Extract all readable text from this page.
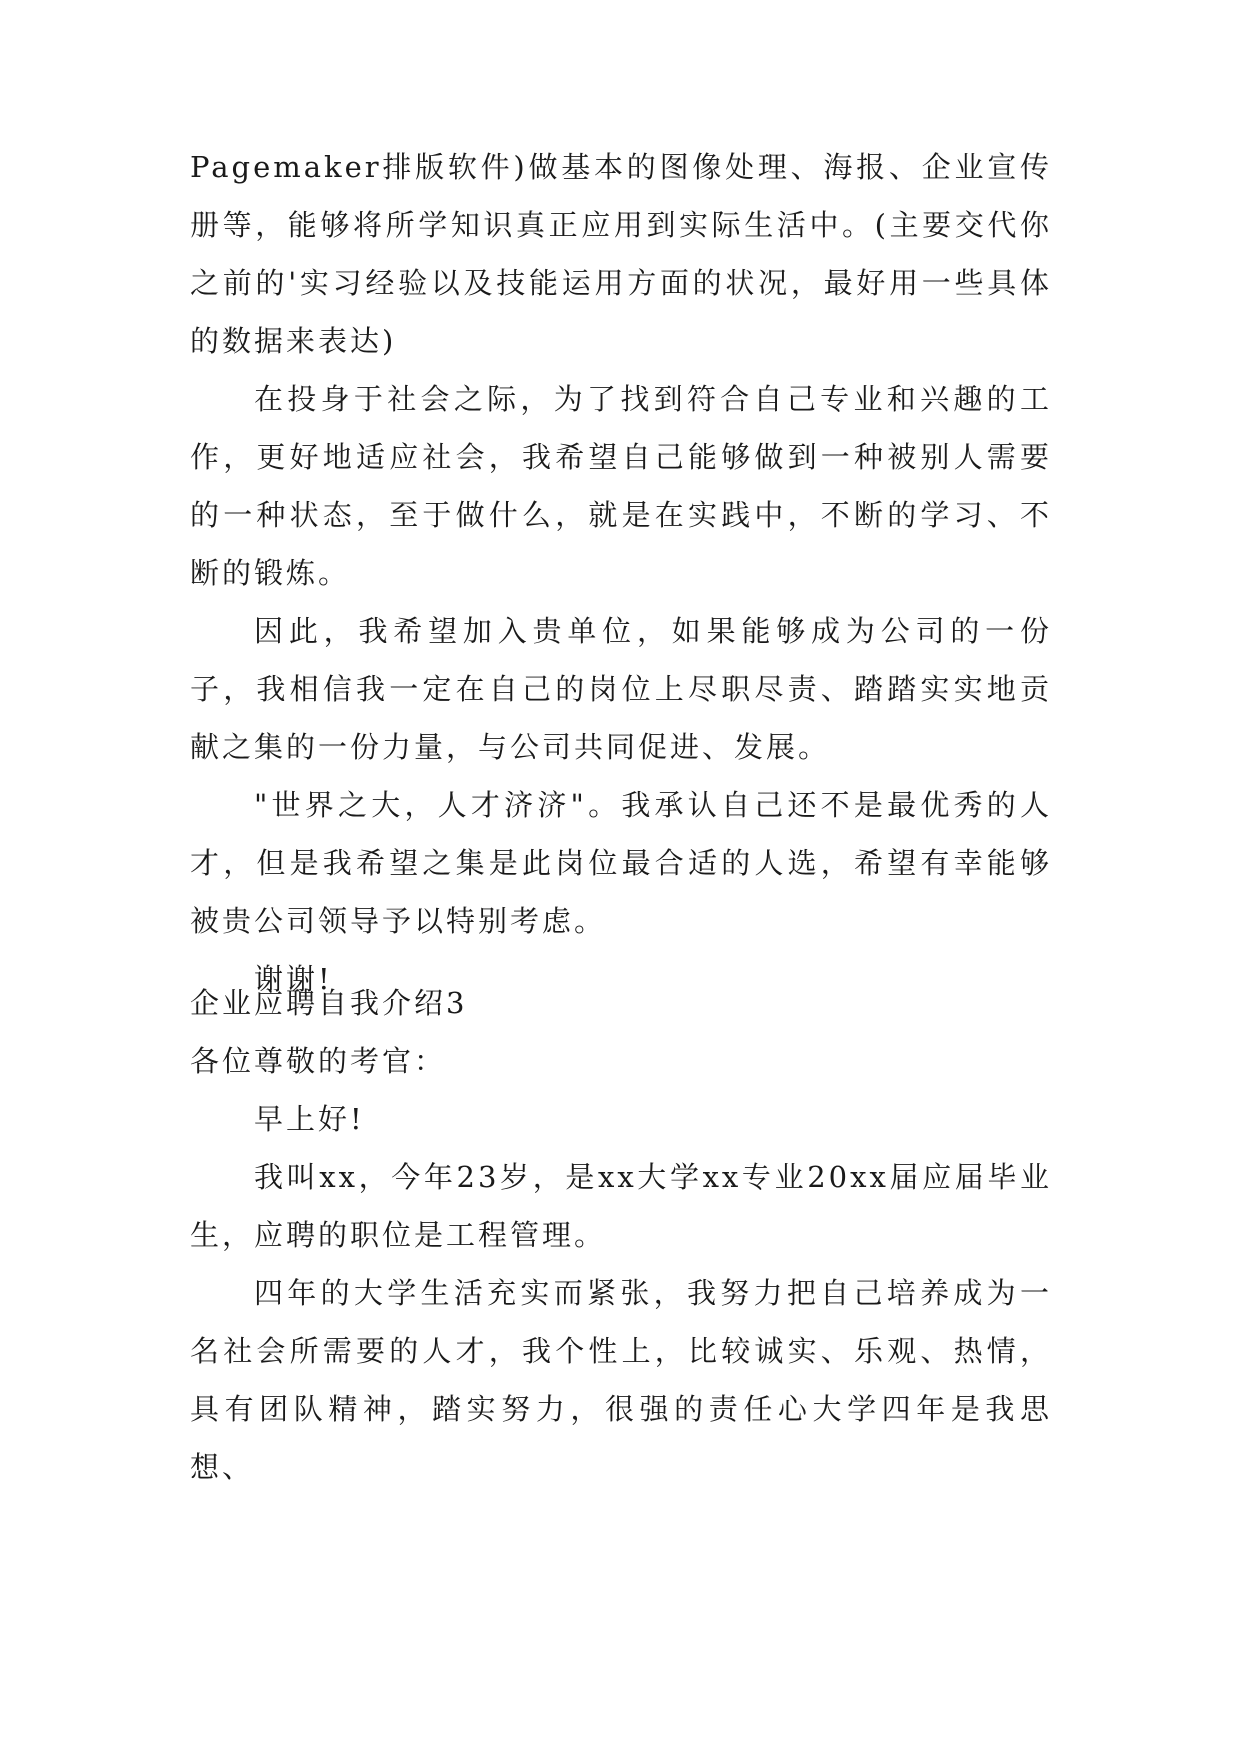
Pagemaker排版软件)做基本的图像处理、海报、企业宣传册等，能够将所学知识真正应用到实际生活中。(主要交代你之前的'实习经验以及技能运用方面的状况，最好用一些具体的数据来表达)

在投身于社会之际，为了找到符合自己专业和兴趣的工作，更好地适应社会，我希望自己能够做到一种被别人需要的一种状态，至于做什么，就是在实践中，不断的学习、不断的锻炼。

因此，我希望加入贵单位，如果能够成为公司的一份子，我相信我一定在自己的岗位上尽职尽责、踏踏实实地贡献之集的一份力量，与公司共同促进、发展。

"世界之大，人才济济"。我承认自己还不是最优秀的人才，但是我希望之集是此岗位最合适的人选，希望有幸能够被贵公司领导予以特别考虑。

谢谢!

企业应聘自我介绍3
各位尊敬的考官：

早上好!

我叫xx，今年23岁，是xx大学xx专业20xx届应届毕业生，应聘的职位是工程管理。

四年的大学生活充实而紧张，我努力把自己培养成为一名社会所需要的人才，我个性上，比较诚实、乐观、热情，具有团队精神，踏实努力，很强的责任心大学四年是我思想、
